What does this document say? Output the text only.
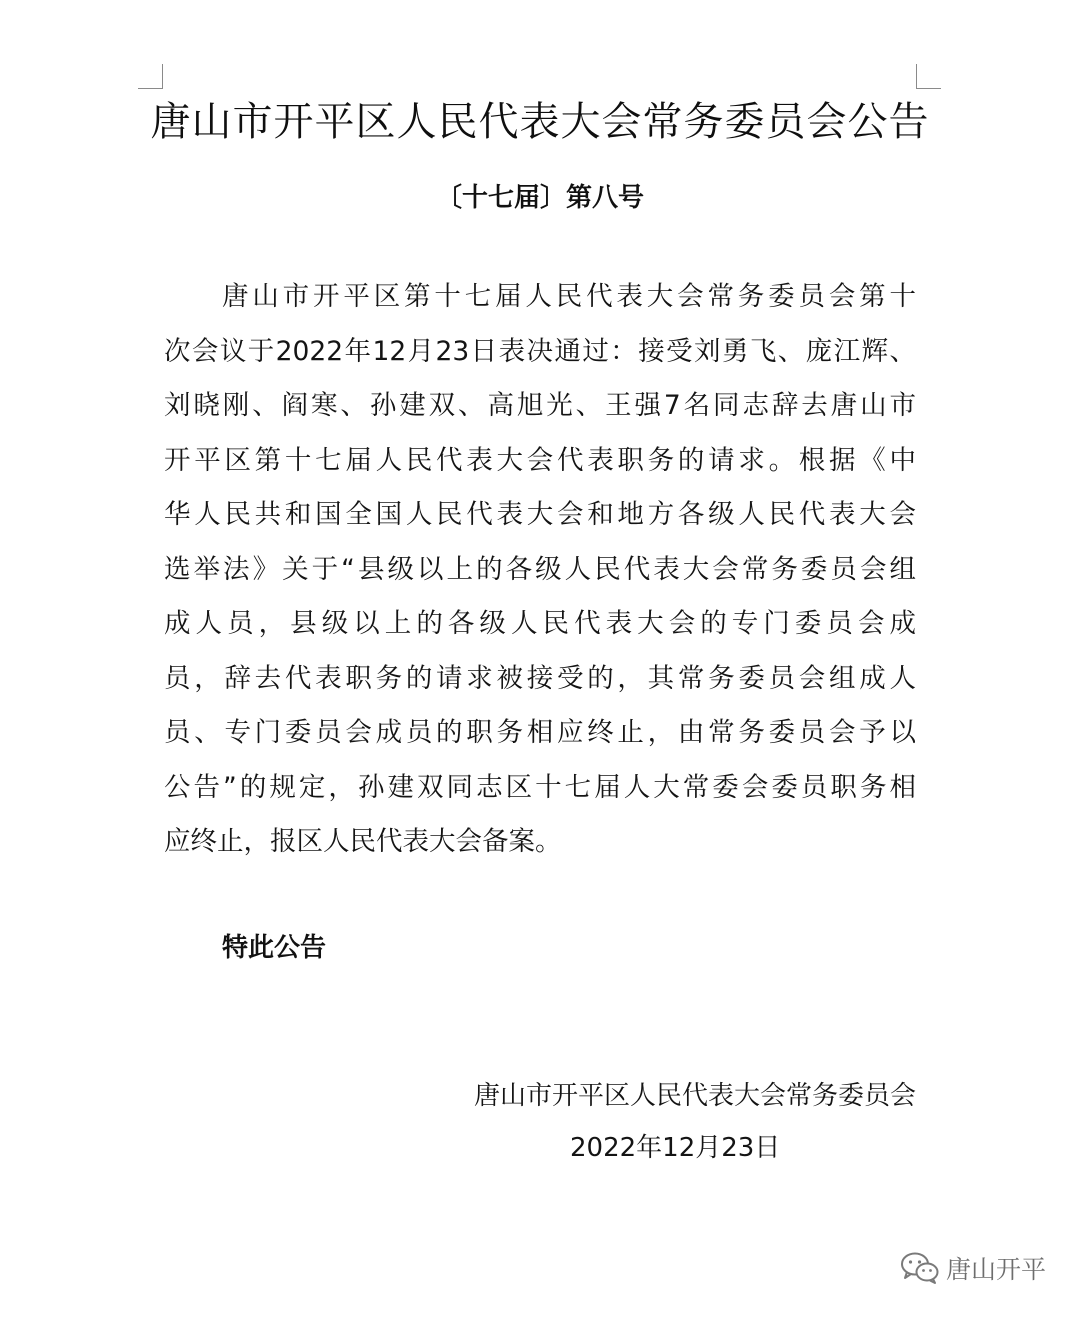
唐山市开平区人民代表大会常务委员会公告
〔十七届〕第八号
唐山市开平区第十七届人民代表大会常务委员会第十
次会议于2022年12月23日表决通过：接受刘勇飞、庞江辉、
刘晓刚、阎寒、孙建双、高旭光、王强7名同志辞去唐山市
开平区第十七届人民代表大会代表职务的请求。根据《中
华人民共和国全国人民代表大会和地方各级人民代表大会
选举法》关于“县级以上的各级人民代表大会常务委员会组
成人员，县级以上的各级人民代表大会的专门委员会成
员，辞去代表职务的请求被接受的，其常务委员会组成人
员、专门委员会成员的职务相应终止，由常务委员会予以
公告”的规定，孙建双同志区十七届人大常委会委员职务相
应终止，报区人民代表大会备案。
特此公告
唐山市开平区人民代表大会常务委员会
2022年12月23日
唐山开平
